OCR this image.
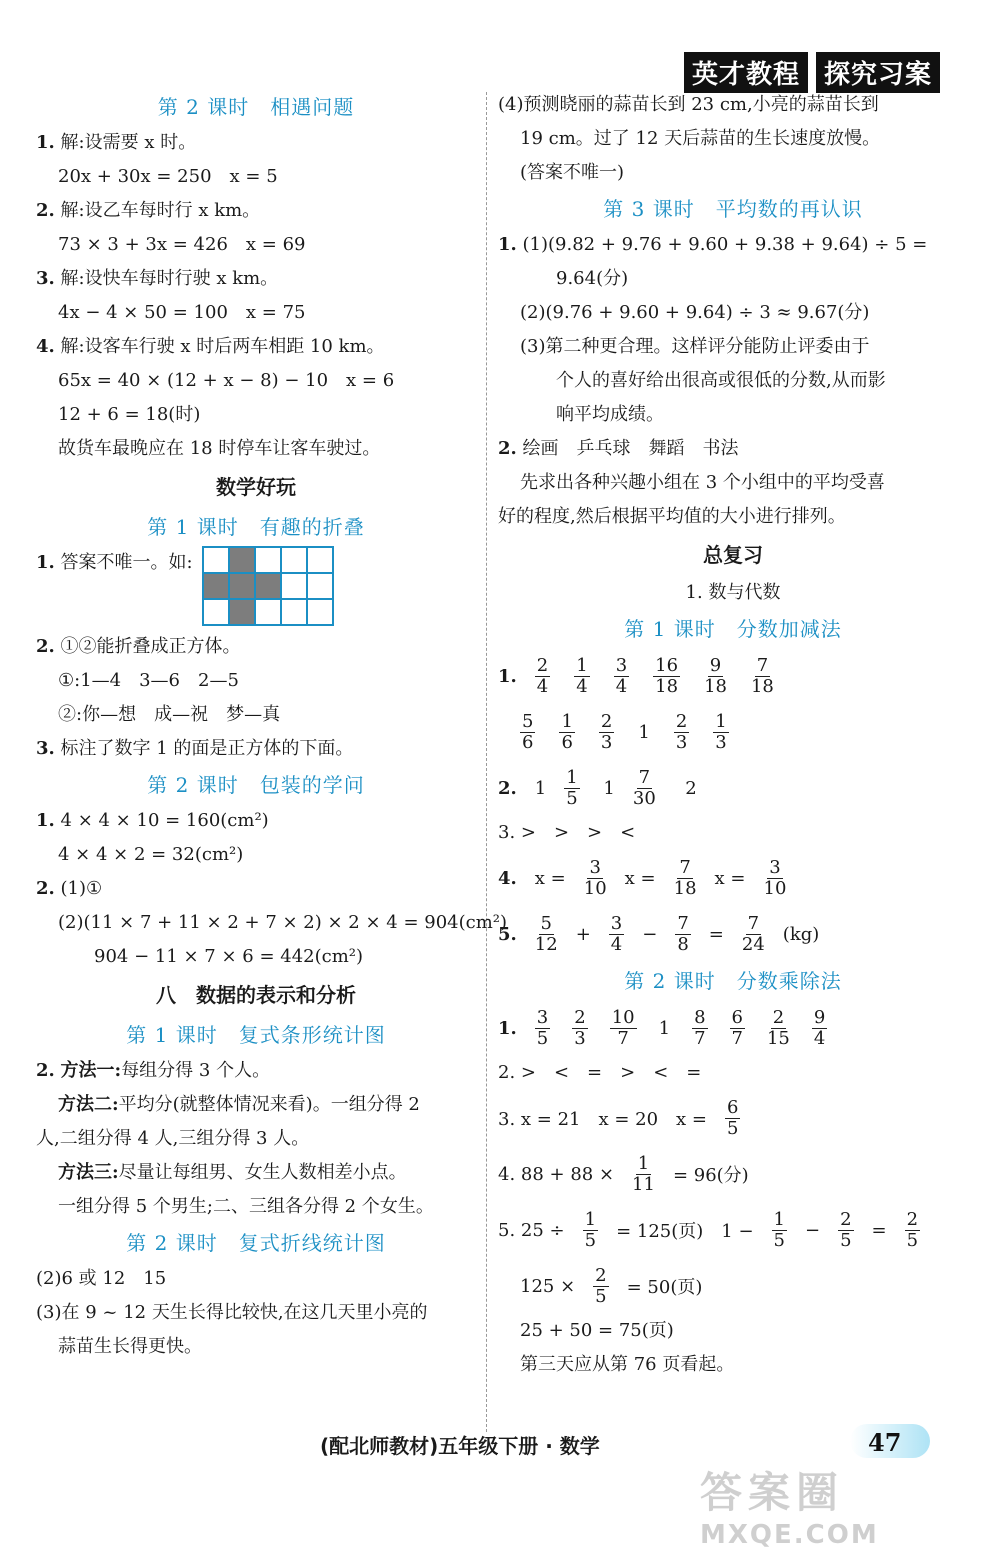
英才教程 探究习案
第 2 课时　相遇问题
1. 解:设需要 x 时。
20x + 30x = 250　x = 5
2. 解:设乙车每时行 x km。
73 × 3 + 3x = 426　x = 69
3. 解:设快车每时行驶 x km。
4x − 4 × 50 = 100　x = 75
4. 解:设客车行驶 x 时后两车相距 10 km。
65x = 40 × (12 + x − 8) − 10　x = 6
12 + 6 = 18(时)
故货车最晚应在 18 时停车让客车驶过。
数学好玩
第 1 课时　有趣的折叠
1. 答案不唯一。如:
2. ①②能折叠成正方体。
①:1—4　3—6　2—5
②:你—想　成—祝　梦—真
3. 标注了数字 1 的面是正方体的下面。
第 2 课时　包装的学问
1. 4 × 4 × 10 = 160(cm²)
4 × 4 × 2 = 32(cm²)
2. (1)①
(2)(11 × 7 + 11 × 2 + 7 × 2) × 2 × 4 = 904(cm²)
904 − 11 × 7 × 6 = 442(cm²)
八　数据的表示和分析
第 1 课时　复式条形统计图
2. 方法一:每组分得 3 个人。
方法二:平均分(就整体情况来看)。一组分得 2
人,二组分得 4 人,三组分得 3 人。
方法三:尽量让每组男、女生人数相差小点。
一组分得 5 个男生;二、三组各分得 2 个女生。
第 2 课时　复式折线统计图
(2)6 或 12　15
(3)在 9 ~ 12 天生长得比较快,在这几天里小亮的
蒜苗生长得更快。
(4)预测晓丽的蒜苗长到 23 cm,小亮的蒜苗长到
19 cm。过了 12 天后蒜苗的生长速度放慢。
(答案不唯一)
第 3 课时　平均数的再认识
1. (1)(9.82 + 9.76 + 9.60 + 9.38 + 9.64) ÷ 5 =
9.64(分)
(2)(9.76 + 9.60 + 9.64) ÷ 3 ≈ 9.67(分)
(3)第二种更合理。这样评分能防止评委由于
个人的喜好给出很高或很低的分数,从而影
响平均成绩。
2. 绘画　乒乓球　舞蹈　书法
先求出各种兴趣小组在 3 个小组中的平均受喜
好的程度,然后根据平均值的大小进行排列。
总复习
1. 数与代数
第 1 课时　分数加减法
1. $\frac{2}{4} \frac{1}{4} \frac{3}{4} \frac{16}{18} \frac{9}{18} \frac{7}{18}$
$\frac{5}{6} \frac{1}{6} \frac{2}{3} 1 \frac{2}{3} \frac{1}{3}$
2. $1 \frac{1}{5} 1 \frac{7}{30} 2$
3. >　>　>　<
4. $x = \frac{3}{10}$ $x = \frac{7}{18}$ $x = \frac{3}{10}$
5. $\frac{5}{12} + \frac{3}{4} - \frac{7}{8} = \frac{7}{24} (kg)$
第 2 课时　分数乘除法
1. $\frac{3}{5} \frac{2}{3} \frac{10}{7} 1 \frac{8}{7} \frac{6}{7} \frac{2}{15} \frac{9}{4}$
2. >　<　=　>　<　=
3. x = 21　x = 20　$x = \frac{6}{5}$
4. $88 + 88 \times \frac{1}{11} = 96$(分)
5. $25 \div \frac{1}{5} = 125$(页)　$1 - \frac{1}{5} - \frac{2}{5} = \frac{2}{5}$
$125 \times \frac{2}{5} = 50$(页)
25 + 50 = 75(页)
第三天应从第 76 页看起。
(配北师教材)五年级下册 · 数学	47
答案圈
MXQE.COM
